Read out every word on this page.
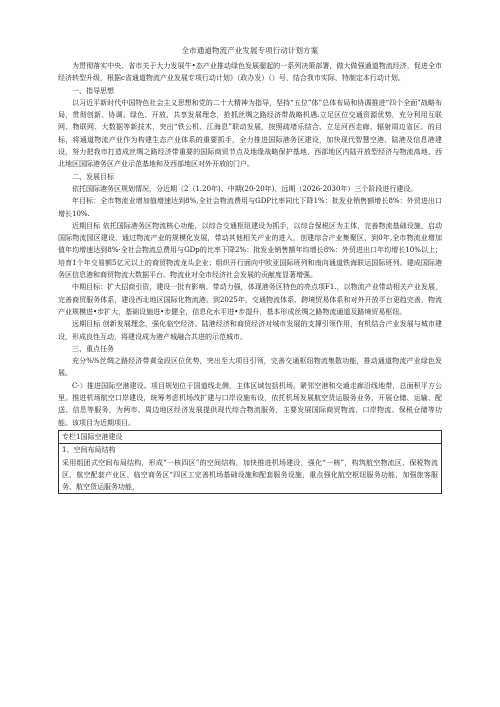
全市通道物流产业发展专项行动计划方案

为贯彻落实中央、省市关于大力发展牛•态产业推动绿色发展骝起的一系列决策部署，做大做强通道物流经济，促进全市经济转型升级，根据c省通道物流产业发展专项行动计划》（政办发）（）号，结合我市实际，特制定本行动计划。

一、指导思想

以习近平新时代中国特色社会主义思想和党的二十大精神为指导，坚持“五位”体”总体布局和协调推进“四个全面”战略布局，贯彻创新、协调、绿色、开放、共享发展理念，抢抓丝绸之路经济带战略机遇.立足区位交通资源优势，充分利用互联网、物联网、大数据等新技术，突出“铁公机、江海息”联动发展，按照疏堵乐结合、立足河西走廊、辐射周边省区、的目标，将通道物流产业作为构建生态产业体系的重要抓手，全力推进国际港务区建设，加快现代智慧空港、陆港及信息港建设，努力把我市打造成丝绸之路经济带重要的国际商贸节点及地缘战略保护基地、西部地区内陆开放型经济与物流高地、西北地区国际港务区产业示范基地和及西部地区对外开放的门户。

二、发展目标

依托国际港务区规划情况，分近期（2（1.20年)、中期(20-20年)、远期（2026-2030年）三个阶段进行建设。

年目标：全市物流业增加值增速达到8%,全社会物流费用与GDP比率同比下降1%：批发业销售额增长8%：外贸进出口增长10%.

近期目标 依托国际港务区物流核心功能，以综合交通枢纽建设为抓手，以综合保税区为主体，完善物流基础设施，启动国际物流园区建设，通过物流产业的规模化发展，带动其他相关产业的进入，创建综合产业集聚区，到0年,全市物流业增加值年均增速达到8%·全社会物流总费用与GDp的比率下降2%：批发业销售额年均增长8%：外贸进出口年均增长10%以上；培育1个年交易额5亿元以上的商贸物流龙头企业；组织开行面向中欧亚国际班列和南向通道铁海联运国际班列。建成国际港务区信息港和商贸物流大数据平台。物流业对全市经济社会发展的贡献度显著增强。

中期目标：扩大招商引资，建设一批有影响、带动力强，体现港务区特色的亮点项F1.，以物流产业带动相关产业发展，完善商贸服务体系，建设西北地区国际化物流港。到2025年，交通物流体系、跨境贸易体系和对外开放平台更趋完善，物流产业规模进•步扩大，基础设施进•步健全，信息化水平进•步提升，基本形成丝绸之路物流通道及路境贸易枢纽。

远期目标 创新发展理念，强化临空经济、陆港经济和商贸经济对城市发展的支撑引领作用，有机结合产业发展与城市建设，形成良性互动，将建设成为港产城融合共进的示范城市。

三、重点任务

充分%%丝绸之路经济带黄金段区位优势，突出至大项目引领，完善交通枢纽物流集散功能，推动通道物流产业绿色发展。

C-）推进国际空港建设。项目规划位于国道线北侧，主体区域包括机场。紧邻空港和交通走廊沿线地带，总面积平方公里。推进机场航空口岸建设，统筹考虑机场改扩建与口岸设施布设，依托机场发展航空货运服务业务，开展仓储、运输、配送、信息等服务，为两市、周边地区经济发展提供现代综合物流服务，主要发展国际商贸物流、口岸物流、保税仓储等功能。该项目为近期项目。

专栏1国际空港建设

1、空间布局结构

采用组团式空间布局结构，形成“一核四区”的空间结构，加快推进机场建设，强化“一核”，构筑航空物流区、保税物流区、航空配套产业区、临空商务区“四区工完善机场基础设施和配套服务设施，重点强化航空枢纽服务功能，加强旅客服务、航空货运服务功能，
